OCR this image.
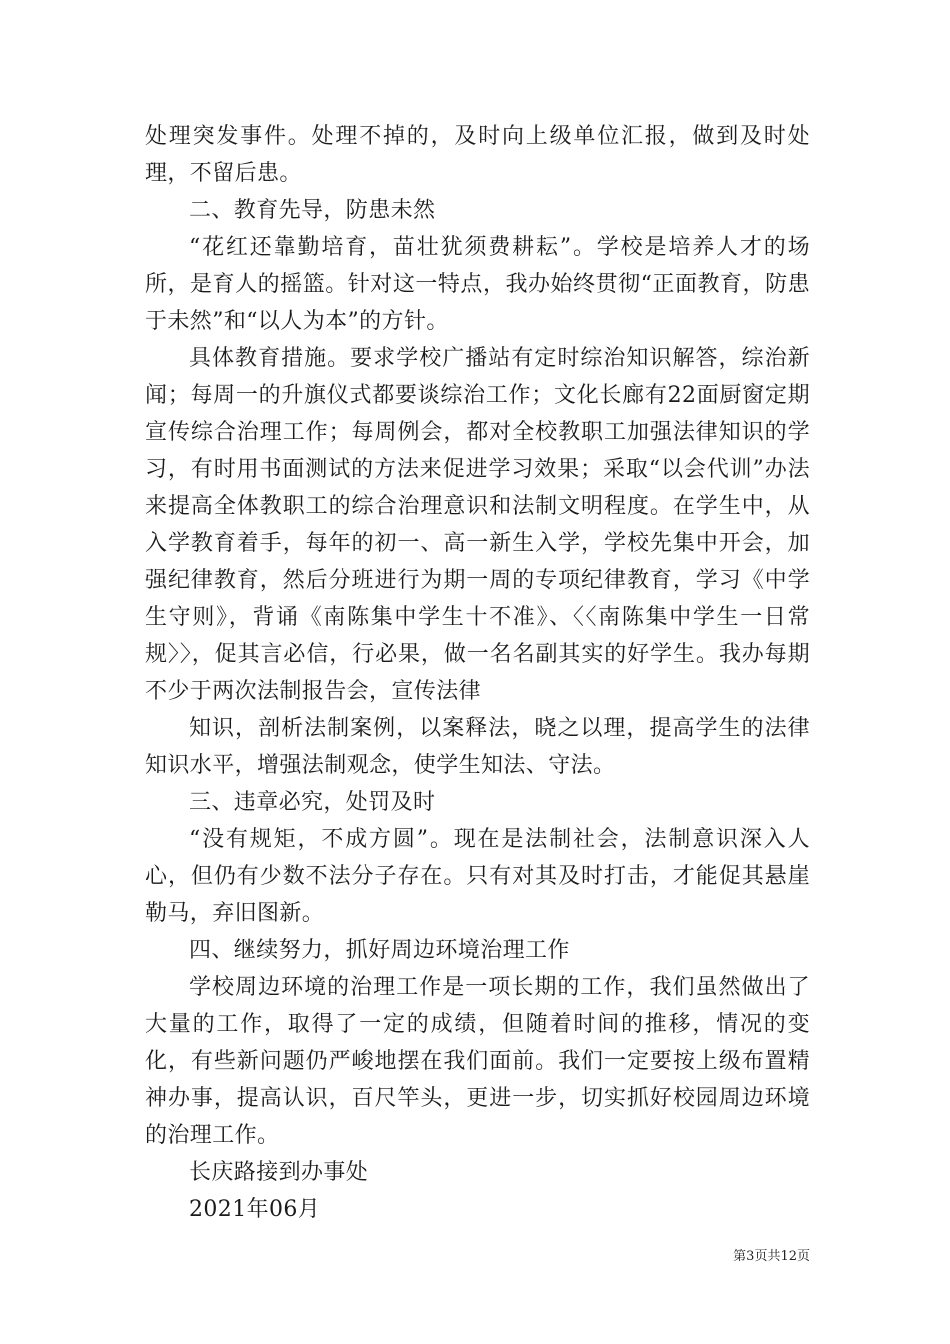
处理突发事件。处理不掉的，及时向上级单位汇报，做到及时处理，不留后患。

二、教育先导，防患未然

“花红还靠勤培育，苗壮犹须费耕耘”。学校是培养人才的场所，是育人的摇篮。针对这一特点，我办始终贯彻“正面教育，防患于未然”和“以人为本”的方针。

具体教育措施。要求学校广播站有定时综治知识解答，综治新闻；每周一的升旗仪式都要谈综治工作；文化长廊有22面厨窗定期宣传综合治理工作；每周例会，都对全校教职工加强法律知识的学习，有时用书面测试的方法来促进学习效果；采取“以会代训”办法来提高全体教职工的综合治理意识和法制文明程度。在学生中，从入学教育着手，每年的初一、高一新生入学，学校先集中开会，加强纪律教育，然后分班进行为期一周的专项纪律教育，学习《中学生守则》，背诵《南陈集中学生十不准》、〈〈南陈集中学生一日常规〉〉，促其言必信，行必果，做一名名副其实的好学生。我办每期不少于两次法制报告会，宣传法律

知识，剖析法制案例，以案释法，晓之以理，提高学生的法律知识水平，增强法制观念，使学生知法、守法。

三、违章必究，处罚及时

“没有规矩，不成方圆”。现在是法制社会，法制意识深入人心，但仍有少数不法分子存在。只有对其及时打击，才能促其悬崖勒马，弃旧图新。

四、继续努力，抓好周边环境治理工作

学校周边环境的治理工作是一项长期的工作，我们虽然做出了大量的工作，取得了一定的成绩，但随着时间的推移，情况的变化，有些新问题仍严峻地摆在我们面前。我们一定要按上级布置精神办事，提高认识，百尺竿头，更进一步，切实抓好校园周边环境的治理工作。

长庆路接到办事处

2021年06月

第3页共12页
